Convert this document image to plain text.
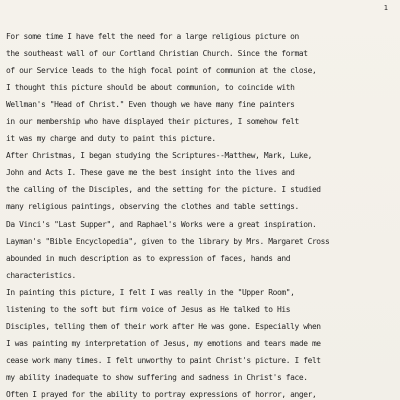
1
For some time I have felt the need for a large religious picture on
the southeast wall of our Cortland Christian Church. Since the format
of our Service leads to the high focal point of communion at the close,
I thought this picture should be about communion, to coincide with
Wellman's "Head of Christ." Even though we have many fine painters
in our membership who have displayed their pictures, I somehow felt
it was my charge and duty to paint this picture.
After Christmas, I began studying the Scriptures--Matthew, Mark, Luke,
John and Acts I. These gave me the best insight into the lives and
the calling of the Disciples, and the setting for the picture. I studied
many religious paintings, observing the clothes and table settings.
Da Vinci's "Last Supper", and Raphael's Works were a great inspiration.
Layman's "Bible Encyclopedia", given to the library by Mrs. Margaret Cross
abounded in much description as to expression of faces, hands and
characteristics.
In painting this picture, I felt I was really in the "Upper Room",
listening to the soft but firm voice of Jesus as He talked to His
Disciples, telling them of their work after He was gone. Especially when
I was painting my interpretation of Jesus, my emotions and tears made me
cease work many times. I felt unworthy to paint Christ's picture. I felt
my ability inadequate to show suffering and sadness in Christ's face.
Often I prayed for the ability to portray expressions of horror, anger,
